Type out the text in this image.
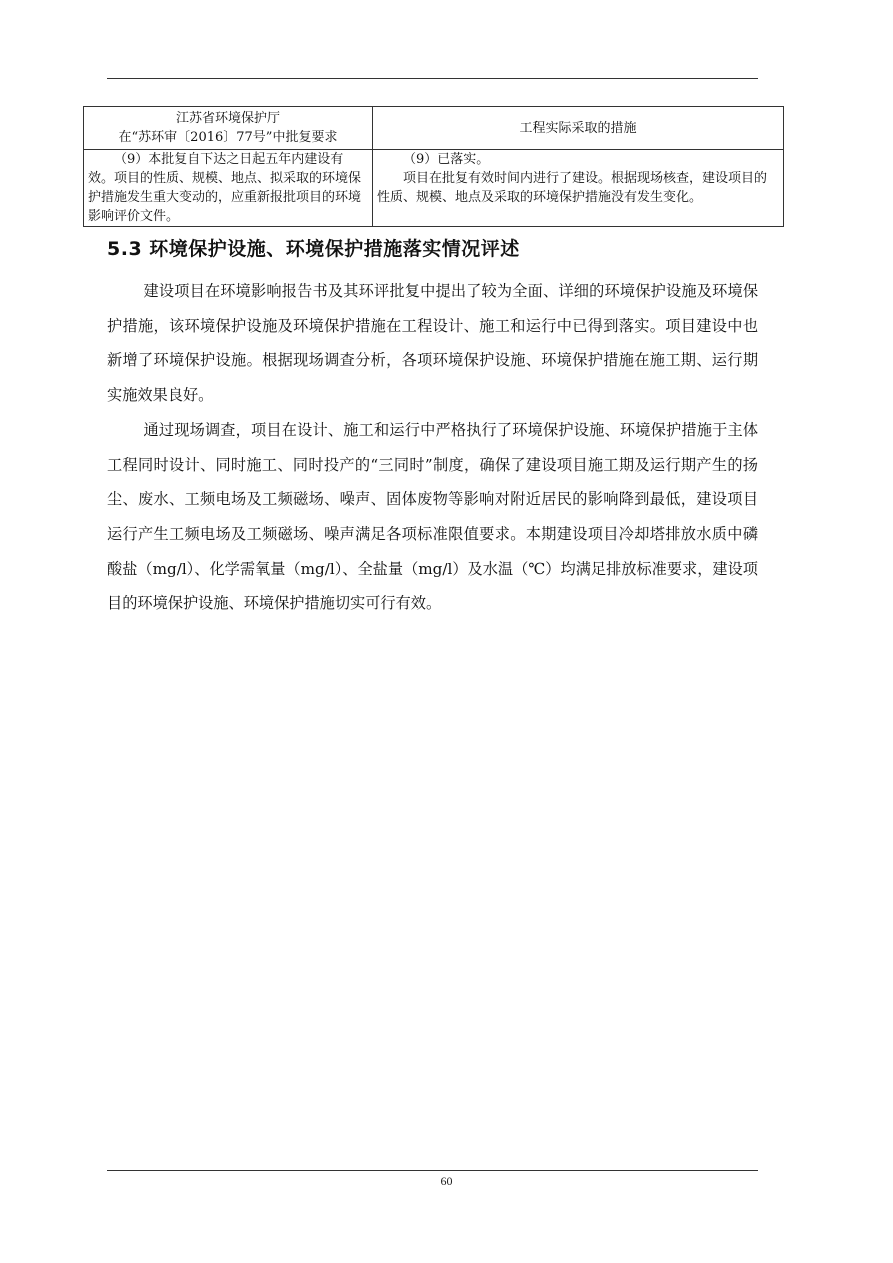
江苏省环境保护厅
在“苏环审〔2016〕77号”中批复要求	工程实际采取的措施

（9）本批复自下达之日起五年内建设有效。项目的性质、规模、地点、拟采取的环境保护措施发生重大变动的，应重新报批项目的环境影响评价文件。	（9）已落实。

项目在批复有效时间内进行了建设。根据现场核查，建设项目的性质、规模、地点及采取的环境保护措施没有发生变化。

5.3 环境保护设施、环境保护措施落实情况评述

建设项目在环境影响报告书及其环评批复中提出了较为全面、详细的环境保护设施及环境保护措施，该环境保护设施及环境保护措施在工程设计、施工和运行中已得到落实。项目建设中也新增了环境保护设施。根据现场调查分析，各项环境保护设施、环境保护措施在施工期、运行期实施效果良好。

通过现场调查，项目在设计、施工和运行中严格执行了环境保护设施、环境保护措施于主体工程同时设计、同时施工、同时投产的“三同时”制度，确保了建设项目施工期及运行期产生的扬尘、废水、工频电场及工频磁场、噪声、固体废物等影响对附近居民的影响降到最低，建设项目运行产生工频电场及工频磁场、噪声满足各项标准限值要求。本期建设项目冷却塔排放水质中磷酸盐（mg/l）、化学需氧量（mg/l）、全盐量（mg/l）及水温（℃）均满足排放标准要求，建设项目的环境保护设施、环境保护措施切实可行有效。

60
